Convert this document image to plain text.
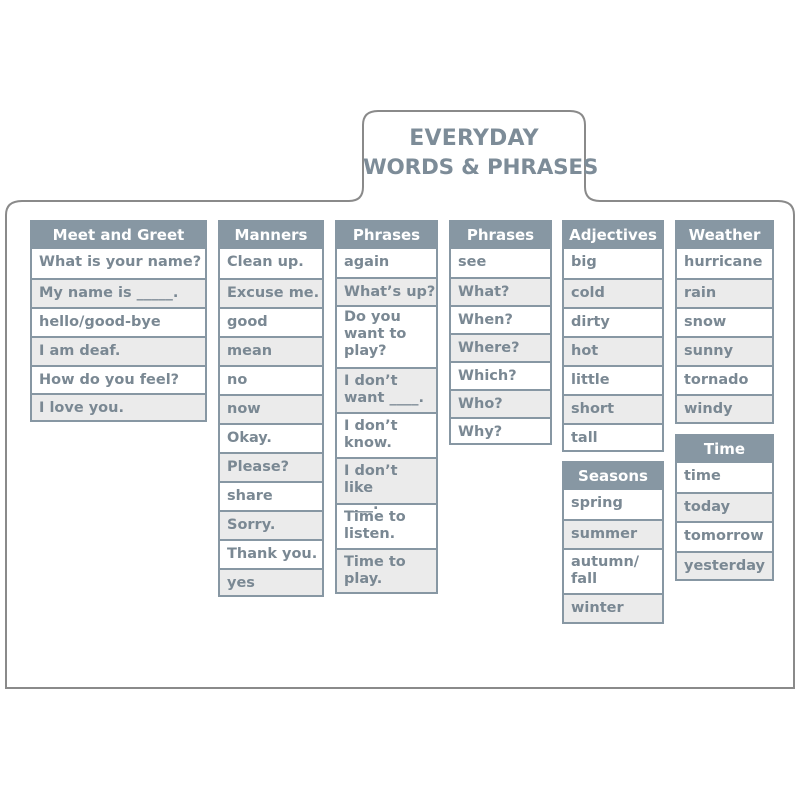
EVERYDAY
WORDS & PHRASES
Meet and Greet
What is your name?
My name is _____.
hello/good-bye
I am deaf.
How do you feel?
I love you.
Manners
Clean up.
Excuse me.
good
mean
no
now
Okay.
Please?
share
Sorry.
Thank you.
yes
Phrases
again
What’s up?
Do you
want to
play?
I don’t
want ____.
I don’t
know.
I don’t like
____.
Time to
listen.
Time to
play.
Phrases
see
What?
When?
Where?
Which?
Who?
Why?
Adjectives
big
cold
dirty
hot
little
short
tall
Seasons
spring
summer
autumn/
fall
winter
Weather
hurricane
rain
snow
sunny
tornado
windy
Time
time
today
tomorrow
yesterday
